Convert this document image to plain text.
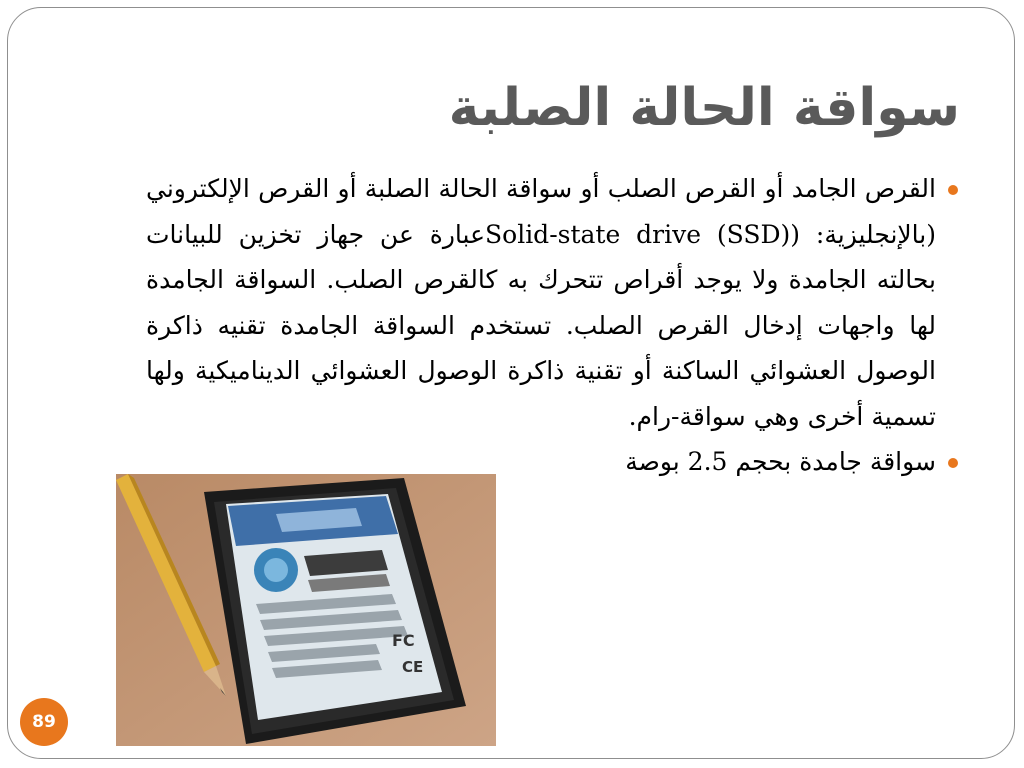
سواقة الحالة الصلبة
القرص الجامد أو القرص الصلب أو سواقة الحالة الصلبة أو القرص الإلكتروني (بالإنجليزية: (Solid-state drive (SSD)عبارة عن جهاز تخزين للبيانات بحالته الجامدة ولا يوجد أقراص تتحرك به كالقرص الصلب. السواقة الجامدة لها واجهات إدخال القرص الصلب. تستخدم السواقة الجامدة تقنيه ذاكرة الوصول العشوائي الساكنة أو تقنية ذاكرة الوصول العشوائي الديناميكية ولها تسمية أخرى وهي سواقة-رام.
سواقة جامدة بحجم 2.5 بوصة
FC
CE
89
